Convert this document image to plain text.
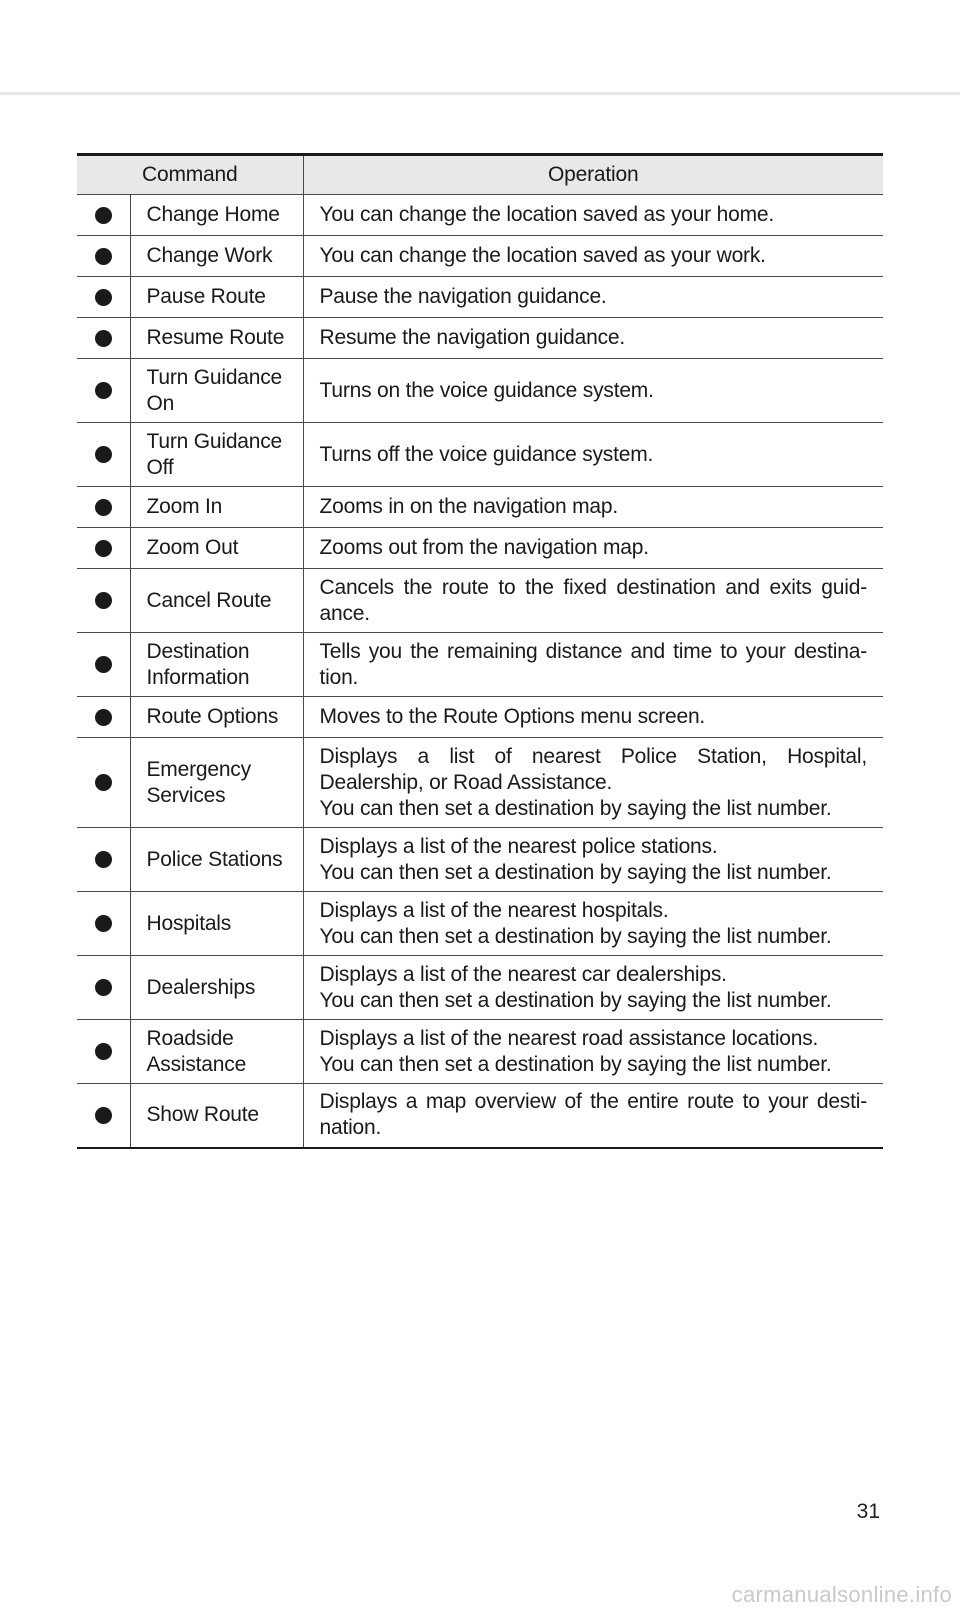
Command		Operation

	Change Home	You can change the location saved as your home.

	Change Work	You can change the location saved as your work.

	Pause Route	Pause the navigation guidance.

	Resume Route	Resume the navigation guidance.

	Turn Guidance
On	Turns on the voice guidance system.

	Turn Guidance
Off	Turns off the voice guidance system.

	Zoom In	Zooms in on the navigation map.

	Zoom Out	Zooms out from the navigation map.

	Cancel Route	Cancels the route to the fixed destination and exits guid-
ance.

	Destination
Information	Tells you the remaining distance and time to your destina-
tion.

	Route Options	Moves to the Route Options menu screen.

	Emergency
Services	Displays a list of nearest Police Station, Hospital,
Dealership, or Road Assistance.
You can then set a destination by saying the list number.

	Police Stations	Displays a list of the nearest police stations.
You can then set a destination by saying the list number.

	Hospitals	Displays a list of the nearest hospitals.
You can then set a destination by saying the list number.

	Dealerships	Displays a list of the nearest car dealerships.
You can then set a destination by saying the list number.

	Roadside
Assistance	Displays a list of the nearest road assistance locations.
You can then set a destination by saying the list number.

	Show Route	Displays a map overview of the entire route to your desti-
nation.
31
carmanualsonline.info
